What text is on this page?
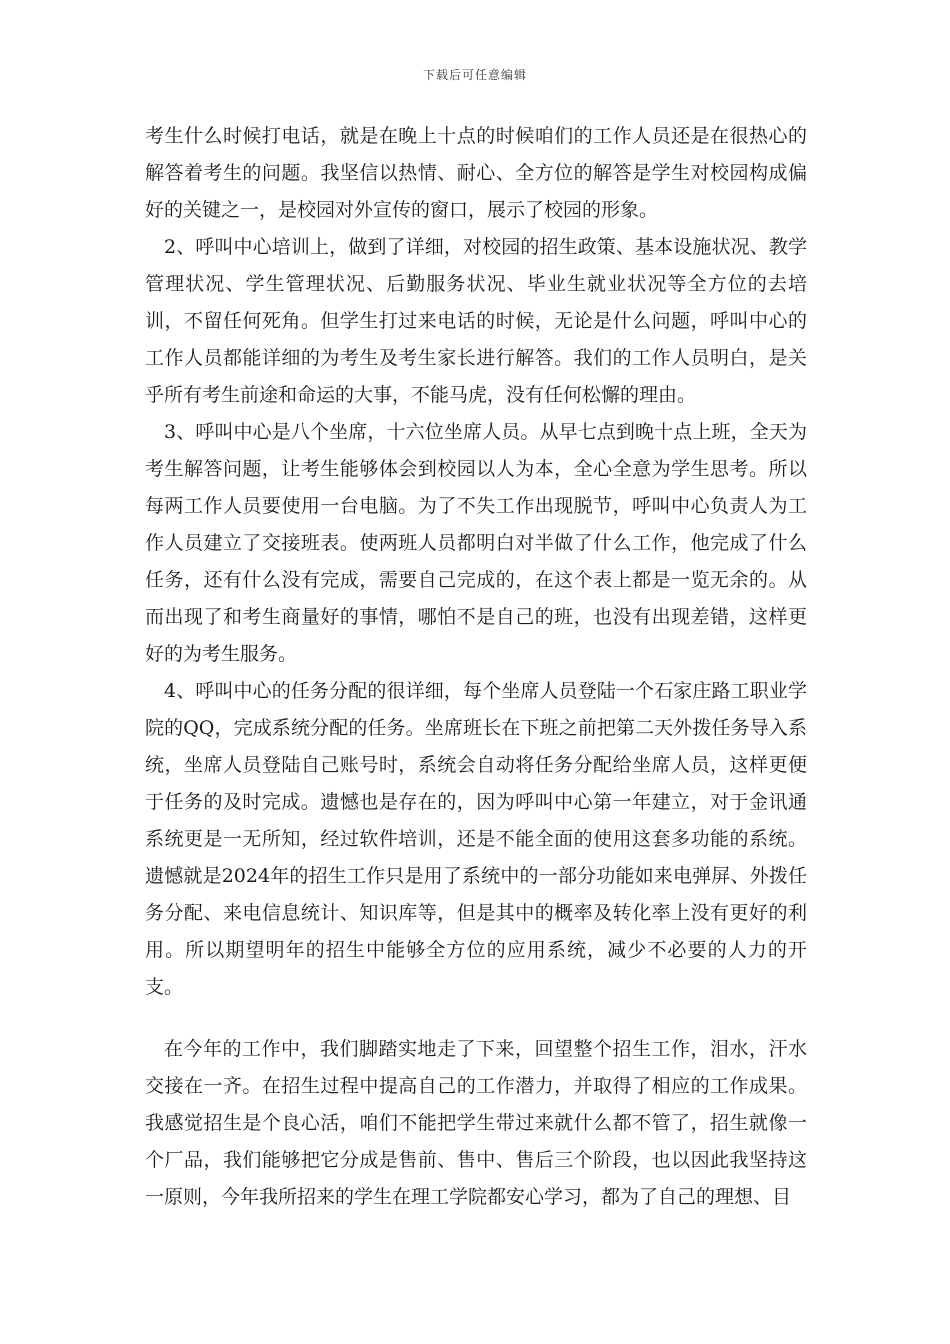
下载后可任意编辑

考生什么时候打电话，就是在晚上十点的时候咱们的工作人员还是在很热心的解答着考生的问题。我坚信以热情、耐心、全方位的解答是学生对校园构成偏好的关键之一，是校园对外宣传的窗口，展示了校园的形象。

2、呼叫中心培训上，做到了详细，对校园的招生政策、基本设施状况、教学管理状况、学生管理状况、后勤服务状况、毕业生就业状况等全方位的去培训，不留任何死角。但学生打过来电话的时候，无论是什么问题，呼叫中心的工作人员都能详细的为考生及考生家长进行解答。我们的工作人员明白，是关乎所有考生前途和命运的大事，不能马虎，没有任何松懈的理由。

3、呼叫中心是八个坐席，十六位坐席人员。从早七点到晚十点上班，全天为考生解答问题，让考生能够体会到校园以人为本，全心全意为学生思考。所以每两工作人员要使用一台电脑。为了不失工作出现脱节，呼叫中心负责人为工作人员建立了交接班表。使两班人员都明白对半做了什么工作，他完成了什么任务，还有什么没有完成，需要自己完成的，在这个表上都是一览无余的。从而出现了和考生商量好的事情，哪怕不是自己的班，也没有出现差错，这样更好的为考生服务。

4、呼叫中心的任务分配的很详细，每个坐席人员登陆一个石家庄路工职业学院的QQ，完成系统分配的任务。坐席班长在下班之前把第二天外拨任务导入系统，坐席人员登陆自己账号时，系统会自动将任务分配给坐席人员，这样更便于任务的及时完成。遗憾也是存在的，因为呼叫中心第一年建立，对于金讯通系统更是一无所知，经过软件培训，还是不能全面的使用这套多功能的系统。遗憾就是2024年的招生工作只是用了系统中的一部分功能如来电弹屏、外拨任务分配、来电信息统计、知识库等，但是其中的概率及转化率上没有更好的利用。所以期望明年的招生中能够全方位的应用系统，减少不必要的人力的开支。

在今年的工作中，我们脚踏实地走了下来，回望整个招生工作，泪水，汗水交接在一齐。在招生过程中提高自己的工作潜力，并取得了相应的工作成果。我感觉招生是个良心活，咱们不能把学生带过来就什么都不管了，招生就像一个厂品，我们能够把它分成是售前、售中、售后三个阶段，也以因此我坚持这一原则，今年我所招来的学生在理工学院都安心学习，都为了自己的理想、目
